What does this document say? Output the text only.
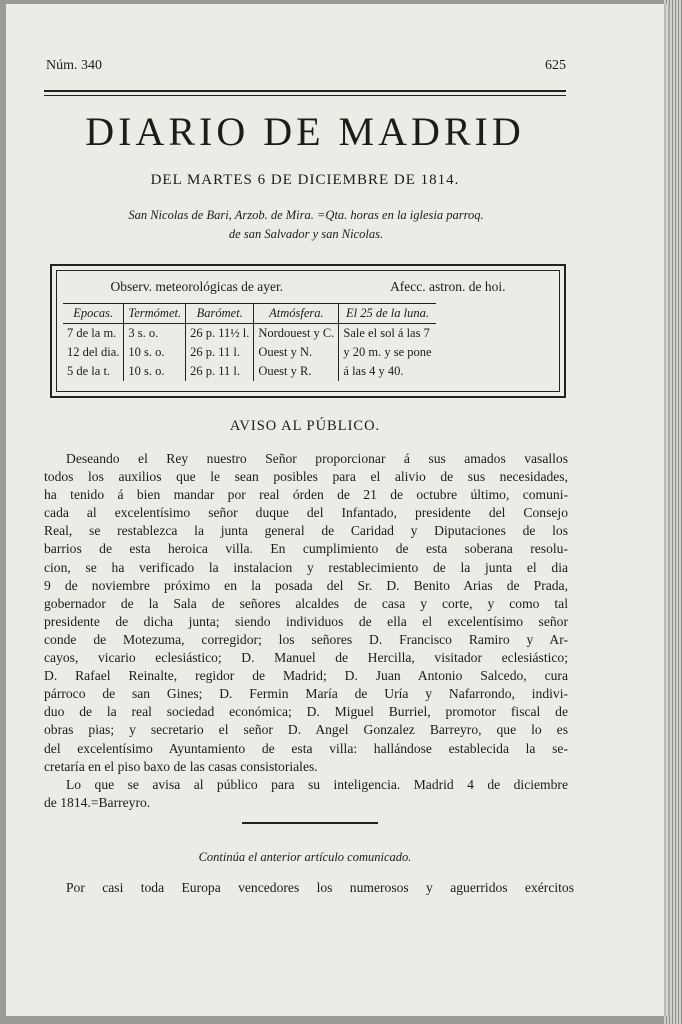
Núm. 340	625
DIARIO DE MADRID
DEL MARTES 6 DE DICIEMBRE DE 1814.
San Nicolas de Bari, Arzob. de Mira. =Qta. horas en la iglesia parroq.
de san Salvador y san Nicolas.
Observ. meteorológicas de ayer.	Afecc. astron. de hoi.
Epocas.	Termómet.	Barómet.	Atmósfera.	El 25 de la luna.
7 de la m.	3 s. o.	26 p. 11½ l.	Nordouest y C.	Sale el sol á las 7
12 del dia.	10 s. o.	26 p. 11 l.	Ouest y N.	y 20 m. y se pone
5 de la t.	10 s. o.	26 p. 11 l.	Ouest y R.	á las 4 y 40.
AVISO AL PÚBLICO.
Deseando el Rey nuestro Señor proporcionar á sus amados vasallos
todos los auxilios que le sean posibles para el alivio de sus necesidades,
ha tenido á bien mandar por real órden de 21 de octubre último, comuni-
cada al excelentísimo señor duque del Infantado, presidente del Consejo
Real, se restablezca la junta general de Caridad y Diputaciones de los
barrios de esta heroica villa. En cumplimiento de esta soberana resolu-
cion, se ha verificado la instalacion y restablecimiento de la junta el dia
9 de noviembre próximo en la posada del Sr. D. Benito Arias de Prada,
gobernador de la Sala de señores alcaldes de casa y corte, y como tal
presidente de dicha junta; siendo individuos de ella el excelentísimo señor
conde de Motezuma, corregidor; los señores D. Francisco Ramiro y Ar-
cayos, vicario eclesiástico; D. Manuel de Hercilla, visitador eclesiástico;
D. Rafael Reinalte, regidor de Madrid; D. Juan Antonio Salcedo, cura
párroco de san Gines; D. Fermin María de Uría y Nafarrondo, indivi-
duo de la real sociedad económica; D. Miguel Burriel, promotor fiscal de
obras pias; y secretario el señor D. Angel Gonzalez Barreyro, que lo es
del excelentísimo Ayuntamiento de esta villa: hallándose establecida la se-
cretaría en el piso baxo de las casas consistoriales.
Lo que se avisa al público para su inteligencia. Madrid 4 de diciembre
de 1814.=Barreyro.
Continúa el anterior artículo comunicado.
Por casi toda Europa vencedores los numerosos y aguerridos exércitos
